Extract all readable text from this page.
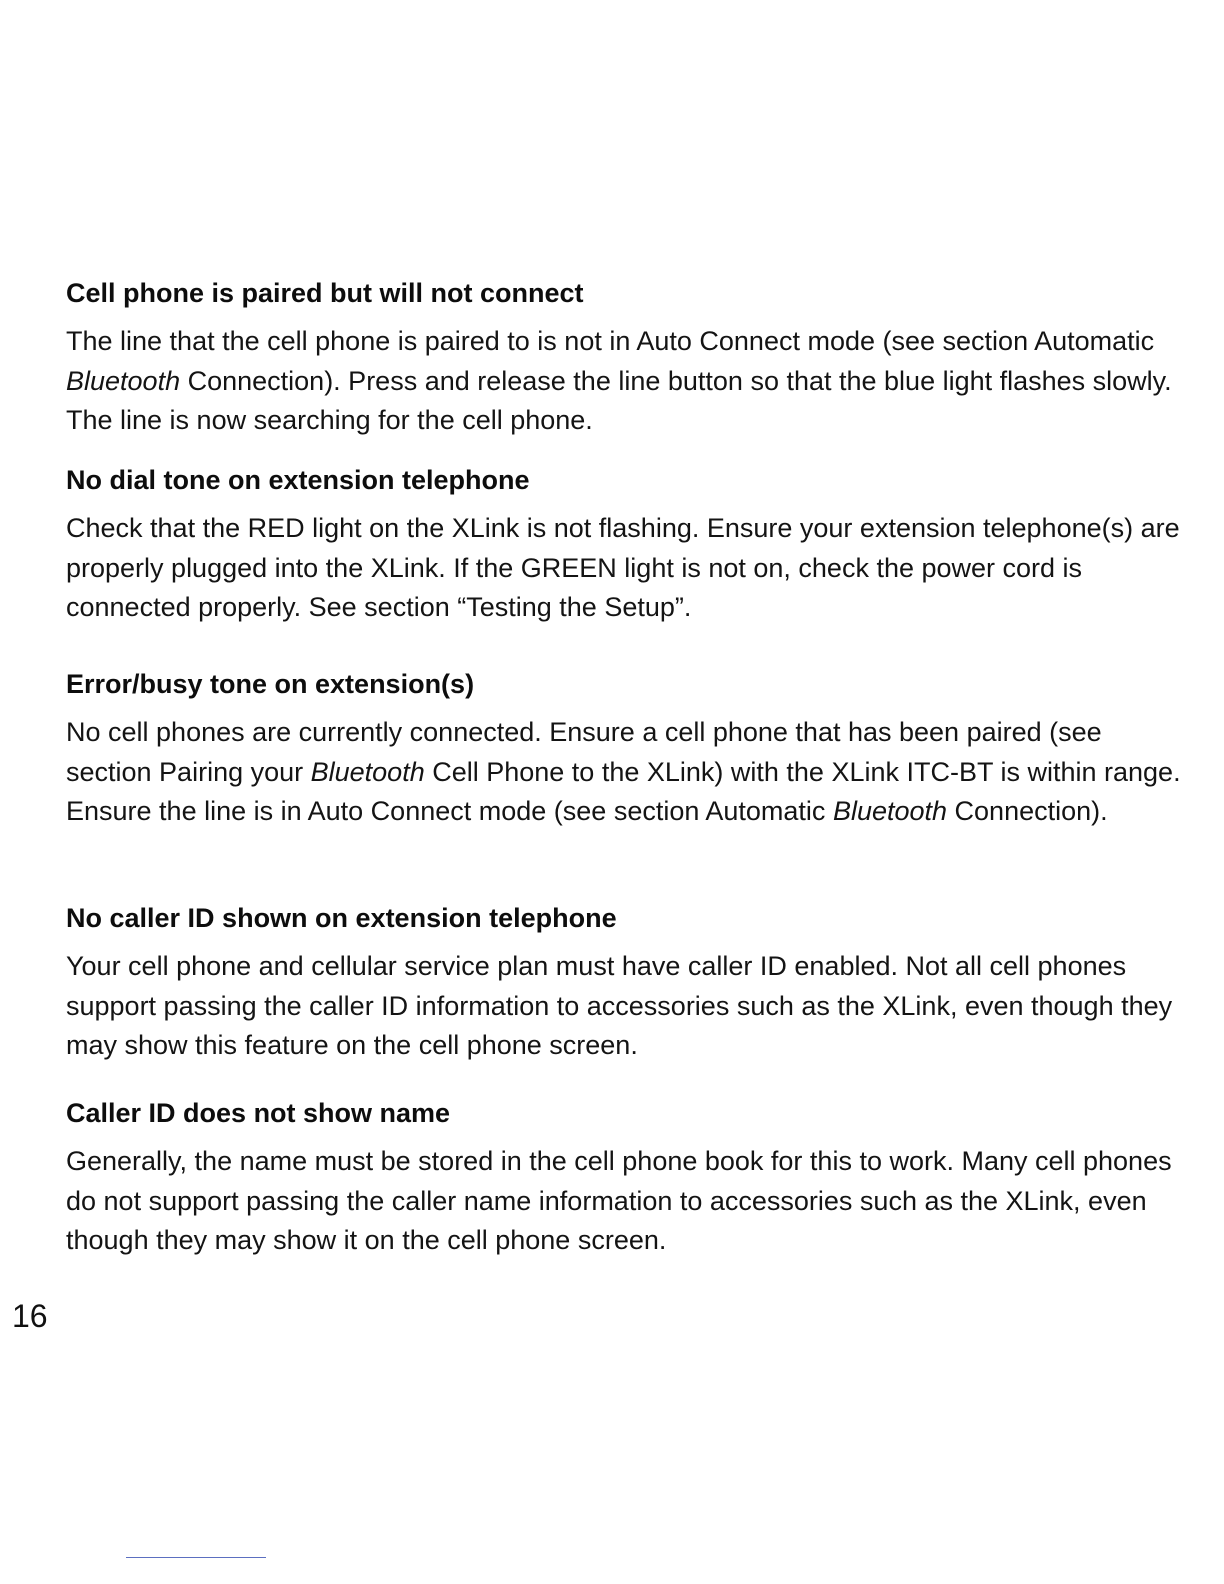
Cell phone is paired but will not connect

The line that the cell phone is paired to is not in Auto Connect mode (see section Automatic Bluetooth Connection). Press and release the line button so that the blue light flashes slowly. The line is now searching for the cell phone.

No dial tone on extension telephone

Check that the RED light on the XLink is not flashing. Ensure your extension telephone(s) are properly plugged into the XLink. If the GREEN light is not on, check the power cord is connected properly. See section “Testing the Setup”.

Error/busy tone on extension(s)

No cell phones are currently connected. Ensure a cell phone that has been paired (see section Pairing your Bluetooth Cell Phone to the XLink) with the XLink ITC-BT is within range. Ensure the line is in Auto Connect mode (see section Automatic Bluetooth Connection).

No caller ID shown on extension telephone

Your cell phone and cellular service plan must have caller ID enabled. Not all cell phones support passing the caller ID information to accessories such as the XLink, even though they may show this feature on the cell phone screen.

Caller ID does not show name

Generally, the name must be stored in the cell phone book for this to work. Many cell phones do not support passing the caller name information to accessories such as the XLink, even though they may show it on the cell phone screen.

16
